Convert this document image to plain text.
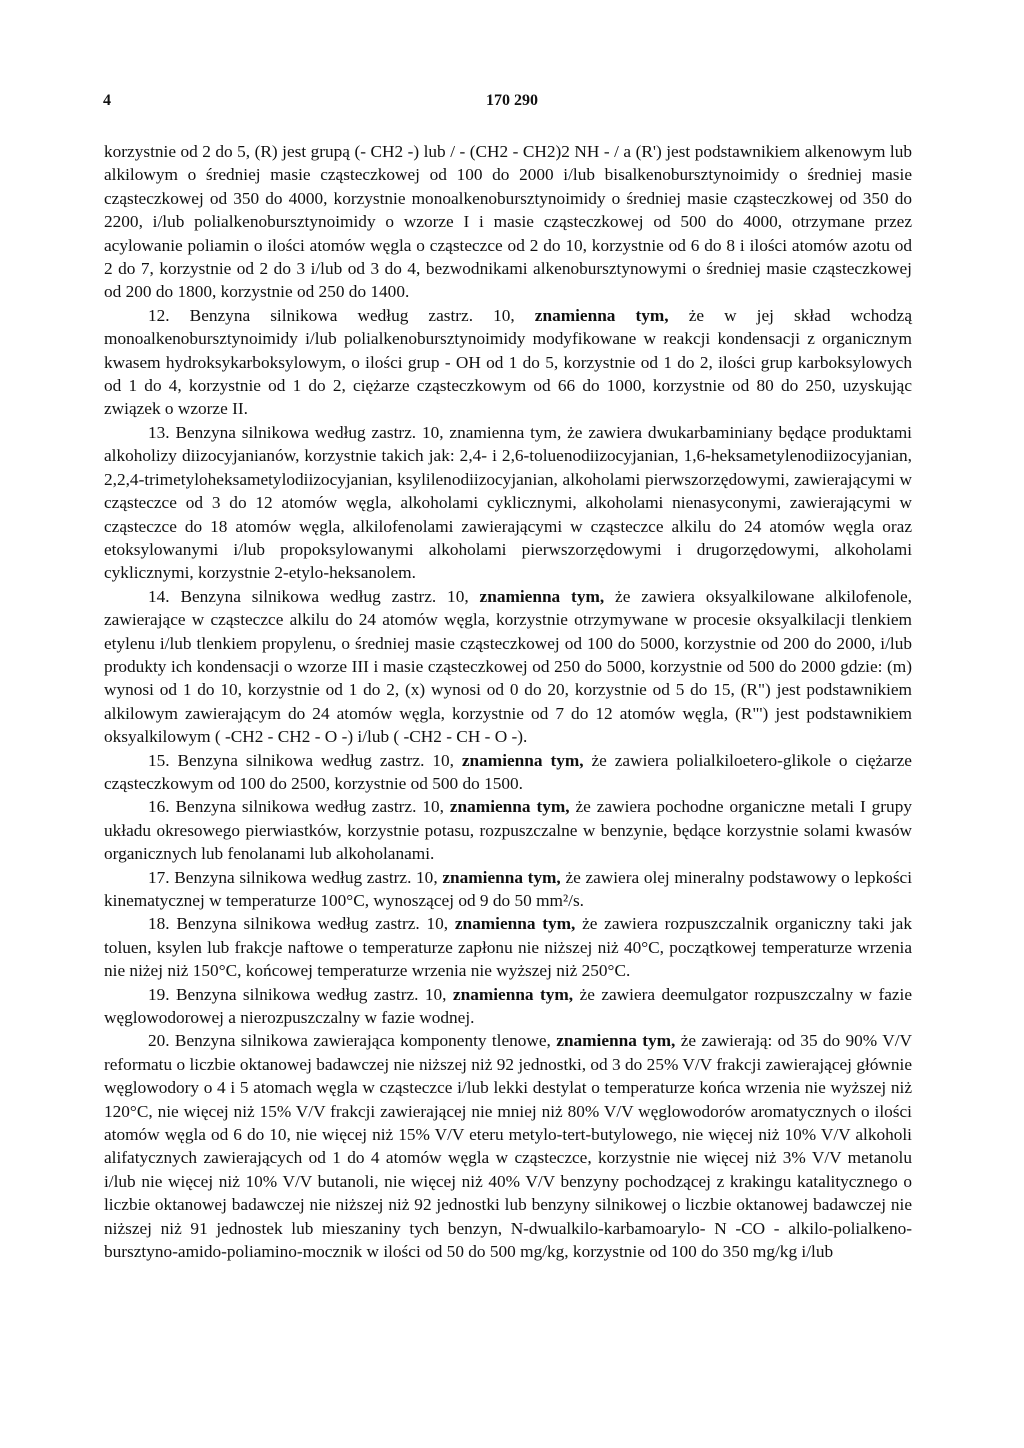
4	170 290

korzystnie od 2 do 5, (R) jest grupą (- CH2 -) lub / - (CH2 - CH2)2 NH - / a (R') jest podstawnikiem alkenowym lub alkilowym o średniej masie cząsteczkowej od 100 do 2000 i/lub bisalkenobursztynoimidy o średniej masie cząsteczkowej od 350 do 4000, korzystnie monoalkenobursztynoimidy o średniej masie cząsteczkowej od 350 do 2200, i/lub polialkenobursztynoimidy o wzorze I i masie cząsteczkowej od 500 do 4000, otrzymane przez acylowanie poliamin o ilości atomów węgla o cząsteczce od 2 do 10, korzystnie od 6 do 8 i ilości atomów azotu od 2 do 7, korzystnie od 2 do 3 i/lub od 3 do 4, bezwodnikami alkenobursztynowymi o średniej masie cząsteczkowej od 200 do 1800, korzystnie od 250 do 1400.

12. Benzyna silnikowa według zastrz. 10, znamienna tym, że w jej skład wchodzą monoalkenobursztynoimidy i/lub polialkenobursztynoimidy modyfikowane w reakcji kondensacji z organicznym kwasem hydroksykarboksylowym, o ilości grup - OH od 1 do 5, korzystnie od 1 do 2, ilości grup karboksylowych od 1 do 4, korzystnie od 1 do 2, ciężarze cząsteczkowym od 66 do 1000, korzystnie od 80 do 250, uzyskując związek o wzorze II.

13. Benzyna silnikowa według zastrz. 10, znamienna tym, że zawiera dwukarbaminiany będące produktami alkoholizy diizocyjanianów, korzystnie takich jak: 2,4- i 2,6-toluenodiizocyjanian, 1,6-heksametylenodiizocyjanian, 2,2,4-trimetyloheksametylodiizocyjanian, ksylilenodiizocyjanian, alkoholami pierwszorzędowymi, zawierającymi w cząsteczce od 3 do 12 atomów węgla, alkoholami cyklicznymi, alkoholami nienasyconymi, zawierającymi w cząsteczce do 18 atomów węgla, alkilofenolami zawierającymi w cząsteczce alkilu do 24 atomów węgla oraz etoksylowanymi i/lub propoksylowanymi alkoholami pierwszorzędowymi i drugorzędowymi, alkoholami cyklicznymi, korzystnie 2-etylo-heksanolem.

14. Benzyna silnikowa według zastrz. 10, znamienna tym, że zawiera oksyalkilowane alkilofenole, zawierające w cząsteczce alkilu do 24 atomów węgla, korzystnie otrzymywane w procesie oksyalkilacji tlenkiem etylenu i/lub tlenkiem propylenu, o średniej masie cząsteczkowej od 100 do 5000, korzystnie od 200 do 2000, i/lub produkty ich kondensacji o wzorze III i masie cząsteczkowej od 250 do 5000, korzystnie od 500 do 2000 gdzie: (m) wynosi od 1 do 10, korzystnie od 1 do 2, (x) wynosi od 0 do 20, korzystnie od 5 do 15, (R") jest podstawnikiem alkilowym zawierającym do 24 atomów węgla, korzystnie od 7 do 12 atomów węgla, (R"') jest podstawnikiem oksyalkilowym ( -CH2 - CH2 - O -) i/lub ( -CH2 - CH - O -).

15. Benzyna silnikowa według zastrz. 10, znamienna tym, że zawiera polialkiloetero-glikole o ciężarze cząsteczkowym od 100 do 2500, korzystnie od 500 do 1500.

16. Benzyna silnikowa według zastrz. 10, znamienna tym, że zawiera pochodne organiczne metali I grupy układu okresowego pierwiastków, korzystnie potasu, rozpuszczalne w benzynie, będące korzystnie solami kwasów organicznych lub fenolanami lub alkoholanami.

17. Benzyna silnikowa według zastrz. 10, znamienna tym, że zawiera olej mineralny podstawowy o lepkości kinematycznej w temperaturze 100°C, wynoszącej od 9 do 50 mm²/s.

18. Benzyna silnikowa według zastrz. 10, znamienna tym, że zawiera rozpuszczalnik organiczny taki jak toluen, ksylen lub frakcje naftowe o temperaturze zapłonu nie niższej niż 40°C, początkowej temperaturze wrzenia nie niżej niż 150°C, końcowej temperaturze wrzenia nie wyższej niż 250°C.

19. Benzyna silnikowa według zastrz. 10, znamienna tym, że zawiera deemulgator rozpuszczalny w fazie węglowodorowej a nierozpuszczalny w fazie wodnej.

20. Benzyna silnikowa zawierająca komponenty tlenowe, znamienna tym, że zawierają: od 35 do 90% V/V reformatu o liczbie oktanowej badawczej nie niższej niż 92 jednostki, od 3 do 25% V/V frakcji zawierającej głównie węglowodory o 4 i 5 atomach węgla w cząsteczce i/lub lekki destylat o temperaturze końca wrzenia nie wyższej niż 120°C, nie więcej niż 15% V/V frakcji zawierającej nie mniej niż 80% V/V węglowodorów aromatycznych o ilości atomów węgla od 6 do 10, nie więcej niż 15% V/V eteru metylo-tert-butylowego, nie więcej niż 10% V/V alkoholi alifatycznych zawierających od 1 do 4 atomów węgla w cząsteczce, korzystnie nie więcej niż 3% V/V metanolu i/lub nie więcej niż 10% V/V butanoli, nie więcej niż 40% V/V benzyny pochodzącej z krakingu katalitycznego o liczbie oktanowej badawczej nie niższej niż 92 jednostki lub benzyny silnikowej o liczbie oktanowej badawczej nie niższej niż 91 jednostek lub mieszaniny tych benzyn, N-dwualkilo-karbamoarylo- N -CO - alkilo-polialkeno-bursztyno-amido-poliamino-mocznik w ilości od 50 do 500 mg/kg, korzystnie od 100 do 350 mg/kg i/lub
